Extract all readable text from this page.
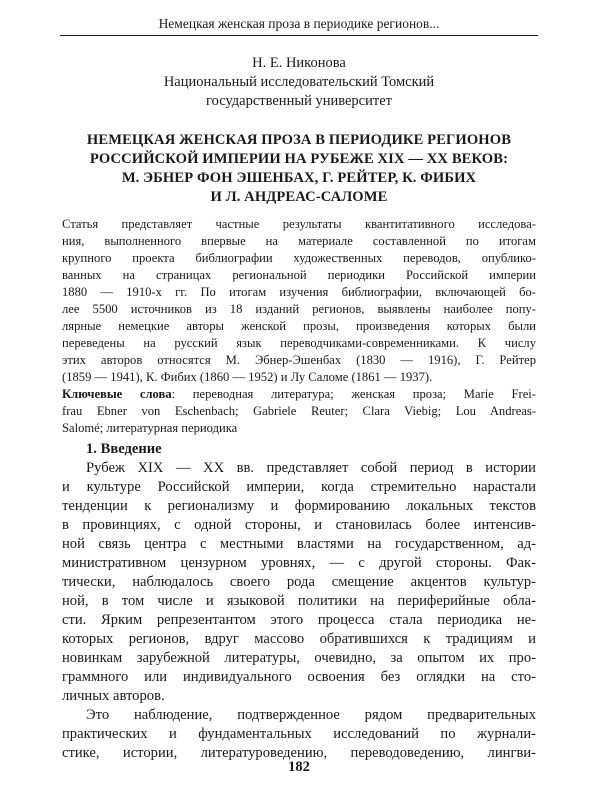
Немецкая женская проза в периодике регионов...
Н. Е. Никонова
Национальный исследовательский Томский
государственный университет
НЕМЕЦКАЯ ЖЕНСКАЯ ПРОЗА В ПЕРИОДИКЕ РЕГИОНОВ
РОССИЙСКОЙ ИМПЕРИИ НА РУБЕЖЕ XIX — XX ВЕКОВ:
М. ЭБНЕР ФОН ЭШЕНБАХ, Г. РЕЙТЕР, К. ФИБИХ
И Л. АНДРЕАС-САЛОМЕ
Статья представляет частные результаты квантитативного исследова-
ния, выполненного впервые на материале составленной по итогам
крупного проекта библиографии художественных переводов, опублико-
ванных на страницах региональной периодики Российской империи
1880 — 1910-х гг. По итогам изучения библиографии, включающей бо-
лее 5500 источников из 18 изданий регионов, выявлены наиболее попу-
лярные немецкие авторы женской прозы, произведения которых были
переведены на русский язык переводчиками-современниками. К числу
этих авторов относятся М. Эбнер-Эшенбах (1830 — 1916), Г. Рейтер
(1859 — 1941), К. Фибих (1860 — 1952) и Лу Саломе (1861 — 1937).
Ключевые слова: переводная литература; женская проза; Marie Frei-
frau Ebner von Eschenbach; Gabriele Reuter; Clara Viebig; Lou Andreas-
Salomé; литературная периодика
1. Введение
Рубеж XIX — XX вв. представляет собой период в истории
и культуре Российской империи, когда стремительно нарастали
тенденции к регионализму и формированию локальных текстов
в провинциях, с одной стороны, и становилась более интенсив-
ной связь центра с местными властями на государственном, ад-
министративном цензурном уровнях, — с другой стороны. Фак-
тически, наблюдалось своего рода смещение акцентов культур-
ной, в том числе и языковой политики на периферийные обла-
сти. Ярким репрезентантом этого процесса стала периодика не-
которых регионов, вдруг массово обратившихся к традициям и
новинкам зарубежной литературы, очевидно, за опытом их про-
граммного или индивидуального освоения без оглядки на сто-
личных авторов.
Это наблюдение, подтвержденное рядом предварительных
практических и фундаментальных исследований по журнали-
стике, истории, литературоведению, переводоведению, лингви-
182
